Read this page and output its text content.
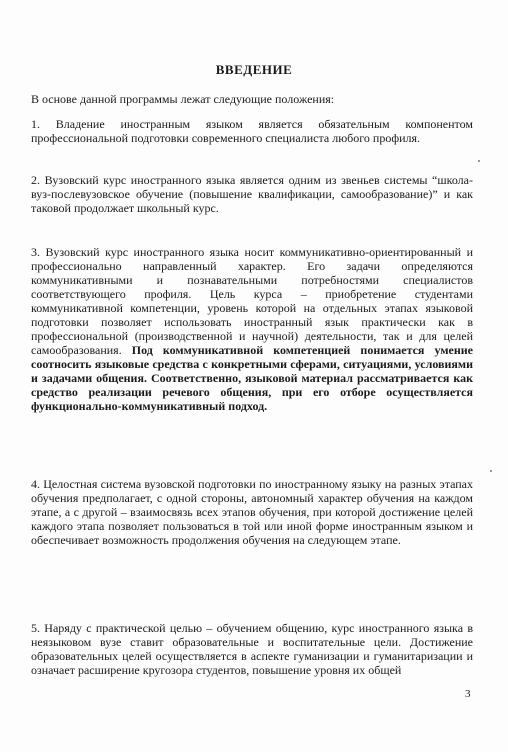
ВВЕДЕНИЕ
В основе данной программы лежат следующие положения:
1. Владение иностранным языком является обязательным компонентом профессиональной подготовки современного специалиста любого профиля.
2. Вузовский курс иностранного языка является одним из звеньев системы “школа-вуз-послевузовское обучение (повышение квалификации, самообразование)” и как таковой продолжает школьный курс.
3. Вузовский курс иностранного языка носит коммуникативно-ориентированный и профессионально направленный характер. Его задачи определяются коммуникативными и познавательными потребностями специалистов соответствующего профиля. Цель курса – приобретение студентами коммуникативной компетенции, уровень которой на отдельных этапах языковой подготовки позволяет использовать иностранный язык практически как в профессиональной (производственной и научной) деятельности, так и для целей самообразования. Под коммуникативной компетенцией понимается умение соотносить языковые средства с конкретными сферами, ситуациями, условиями и задачами общения. Соответственно, языковой материал рассматривается как средство реализации речевого общения, при его отборе осуществляется функционально-коммуникативный подход.
4. Целостная система вузовской подготовки по иностранному языку на разных этапах обучения предполагает, с одной стороны, автономный характер обучения на каждом этапе, а с другой – взаимосвязь всех этапов обучения, при которой достижение целей каждого этапа позволяет пользоваться в той или иной форме иностранным языком и обеспечивает возможность продолжения обучения на следующем этапе.
5. Наряду с практической целью – обучением общению, курс иностранного языка в неязыковом вузе ставит образовательные и воспитательные цели. Достижение образовательных целей осуществляется в аспекте гуманизации и гуманитаризации и означает расширение кругозора студентов, повышение уровня их общей
3
